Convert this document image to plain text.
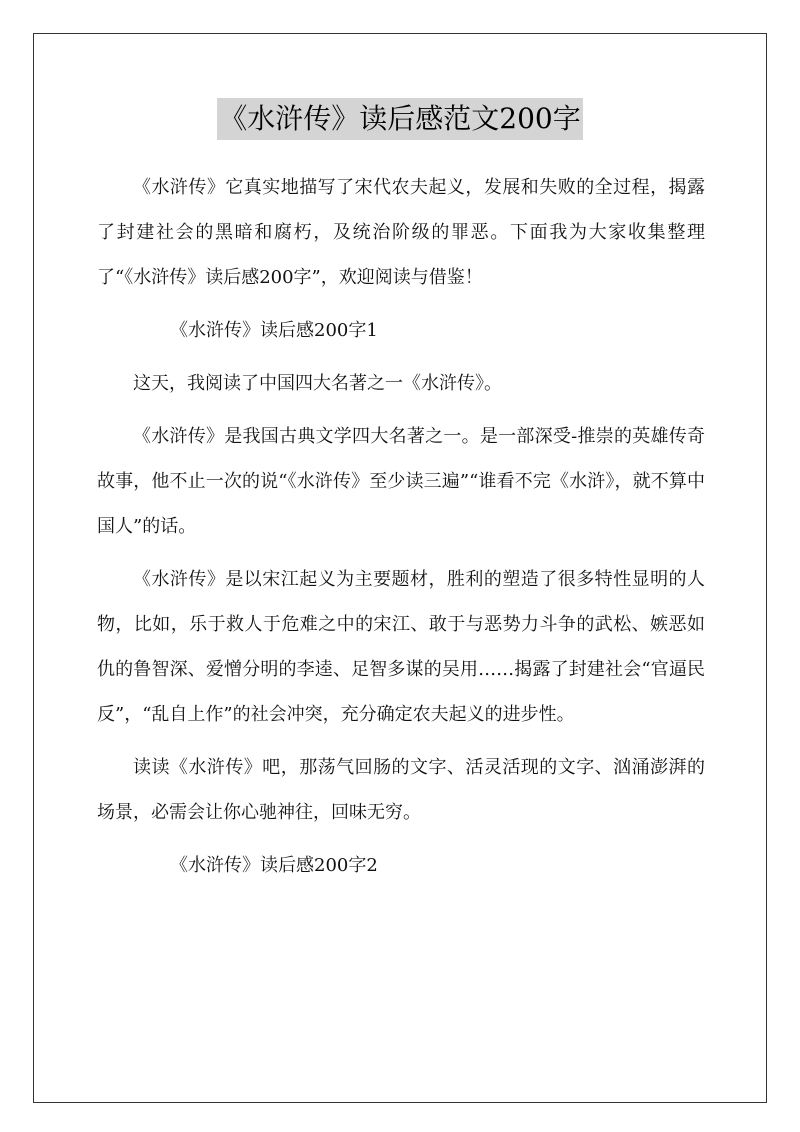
《水浒传》读后感范文200字

《水浒传》它真实地描写了宋代农夫起义，发展和失败的全过程，揭露了封建社会的黑暗和腐朽，及统治阶级的罪恶。下面我为大家收集整理了“《水浒传》读后感200字”，欢迎阅读与借鉴！

《水浒传》读后感200字1

这天，我阅读了中国四大名著之一《水浒传》。

《水浒传》是我国古典文学四大名著之一。是一部深受-推崇的英雄传奇故事，他不止一次的说“《水浒传》至少读三遍”“谁看不完《水浒》，就不算中国人”的话。

《水浒传》是以宋江起义为主要题材，胜利的塑造了很多特性显明的人物，比如，乐于救人于危难之中的宋江、敢于与恶势力斗争的武松、嫉恶如仇的鲁智深、爱憎分明的李逵、足智多谋的吴用……揭露了封建社会“官逼民反”，“乱自上作”的社会冲突，充分确定农夫起义的进步性。

读读《水浒传》吧，那荡气回肠的文字、活灵活现的文字、汹涌澎湃的场景，必需会让你心驰神往，回味无穷。

《水浒传》读后感200字2
